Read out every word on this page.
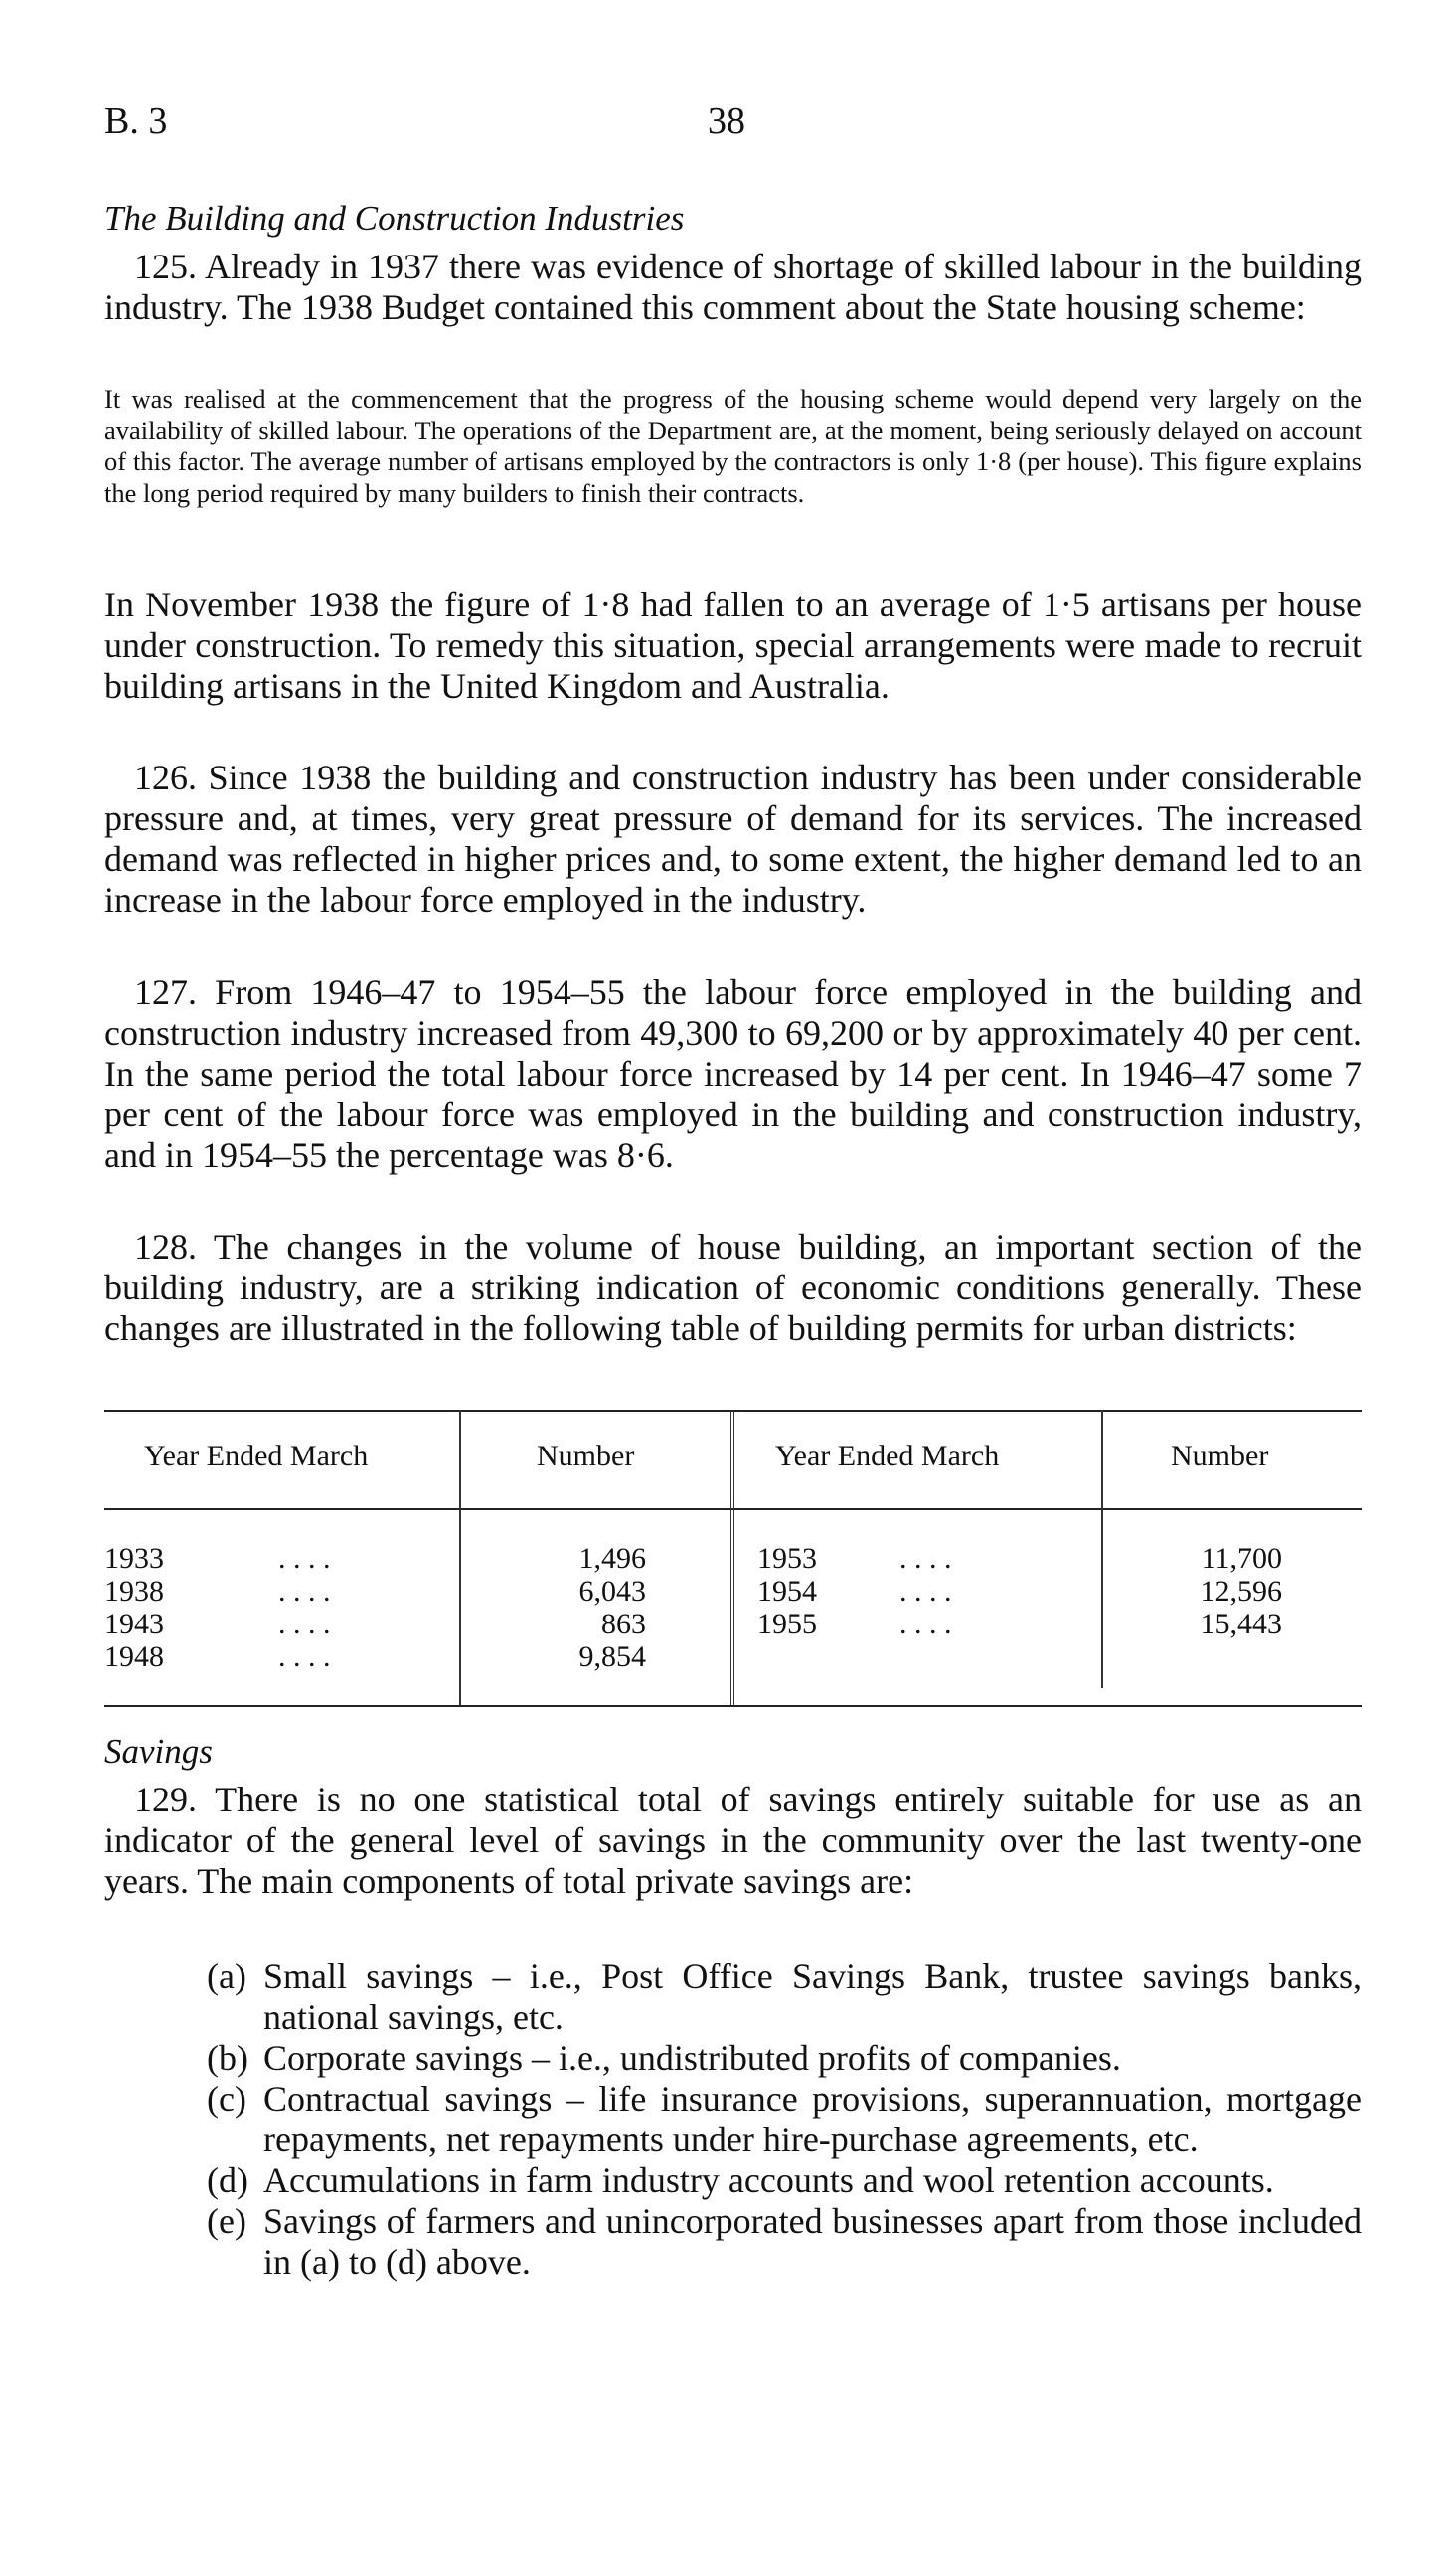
B. 3	38
The Building and Construction Industries

125. Already in 1937 there was evidence of shortage of skilled labour in the building industry. The 1938 Budget contained this comment about the State housing scheme:

It was realised at the commencement that the progress of the housing scheme would depend very largely on the availability of skilled labour. The operations of the Department are, at the moment, being seriously delayed on account of this factor. The average number of artisans employed by the contractors is only 1·8 (per house). This figure explains the long period required by many builders to finish their contracts.
In November 1938 the figure of 1·8 had fallen to an average of 1·5 artisans per house under construction. To remedy this situation, special arrangements were made to recruit building artisans in the United Kingdom and Australia.
126. Since 1938 the building and construction industry has been under considerable pressure and, at times, very great pressure of demand for its services. The increased demand was reflected in higher prices and, to some extent, the higher demand led to an increase in the labour force employed in the industry.
127. From 1946–47 to 1954–55 the labour force employed in the building and construction industry increased from 49,300 to 69,200 or by approximately 40 per cent. In the same period the total labour force increased by 14 per cent. In 1946–47 some 7 per cent of the labour force was employed in the building and construction industry, and in 1954–55 the percentage was 8·6.
128. The changes in the volume of house building, an important section of the building industry, are a striking indication of economic conditions generally. These changes are illustrated in the following table of building permits for urban districts:
Year Ended March	Number	Year Ended March	Number
1933	. . . .	1,496	1953	. . . .	11,700
1938	. . . .	6,043	1954	. . . .	12,596
1943	. . . .	863	1955	. . . .	15,443
1948	. . . .	9,854
Savings
129. There is no one statistical total of savings entirely suitable for use as an indicator of the general level of savings in the community over the last twenty-one years. The main components of total private savings are:

(a) Small savings – i.e., Post Office Savings Bank, trustee savings banks, national savings, etc.

(b) Corporate savings – i.e., undistributed profits of companies.

(c) Contractual savings – life insurance provisions, superannuation, mortgage repayments, net repayments under hire-purchase agreements, etc.

(d) Accumulations in farm industry accounts and wool retention accounts.

(e) Savings of farmers and unincorporated businesses apart from those included in (a) to (d) above.
